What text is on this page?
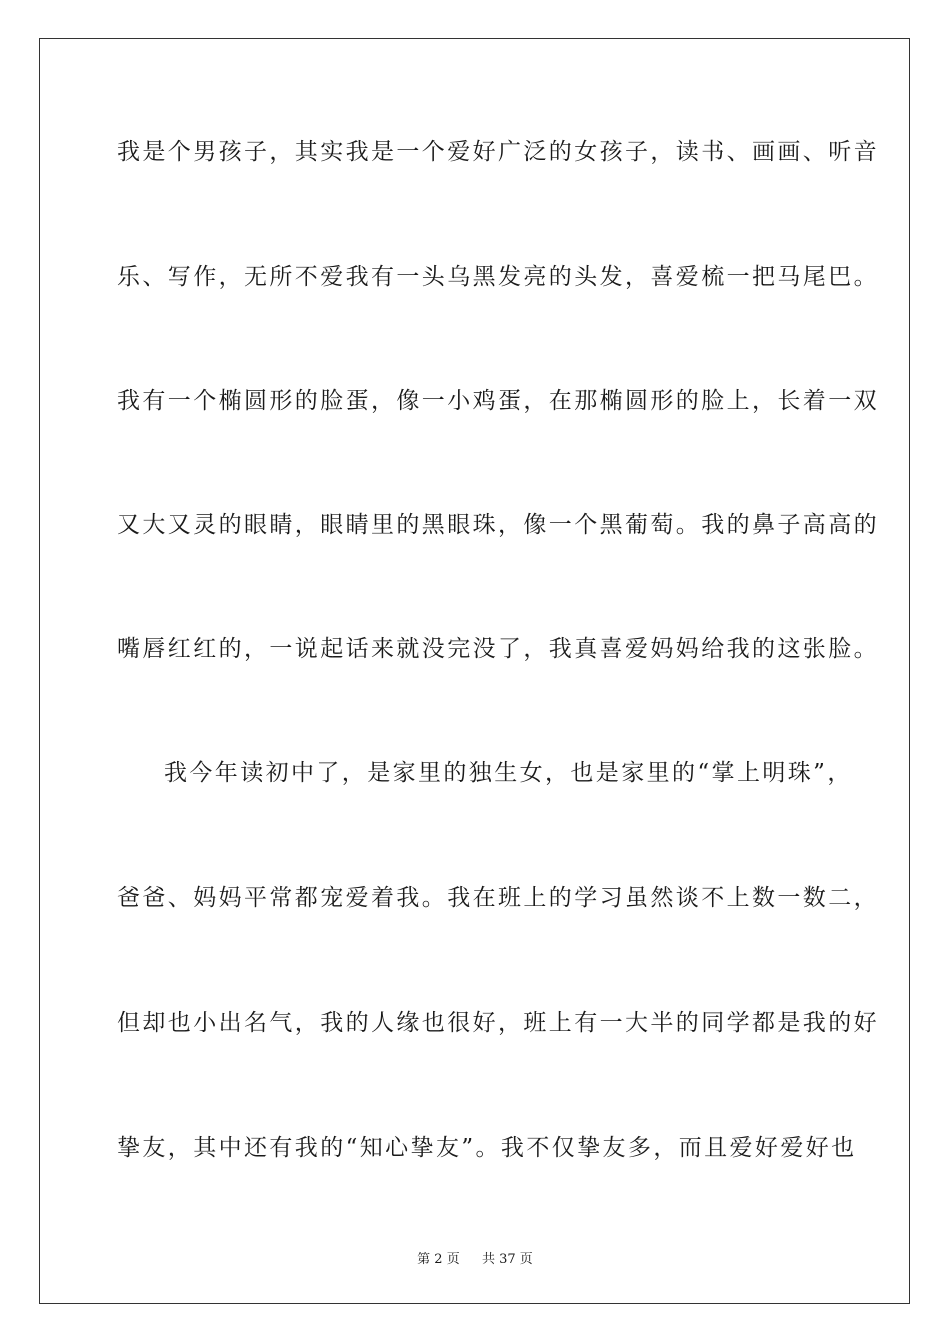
我是个男孩子，其实我是一个爱好广泛的女孩子，读书、画画、听音
乐、写作，无所不爱我有一头乌黑发亮的头发，喜爱梳一把马尾巴。
我有一个椭圆形的脸蛋，像一小鸡蛋，在那椭圆形的脸上，长着一双
又大又灵的眼睛，眼睛里的黑眼珠，像一个黑葡萄。我的鼻子高高的
嘴唇红红的，一说起话来就没完没了，我真喜爱妈妈给我的这张脸。
我今年读初中了，是家里的独生女，也是家里的“掌上明珠”，
爸爸、妈妈平常都宠爱着我。我在班上的学习虽然谈不上数一数二，
但却也小出名气，我的人缘也很好，班上有一大半的同学都是我的好
挚友，其中还有我的“知心挚友”。我不仅挚友多，而且爱好爱好也
第 2 页 共 37 页
